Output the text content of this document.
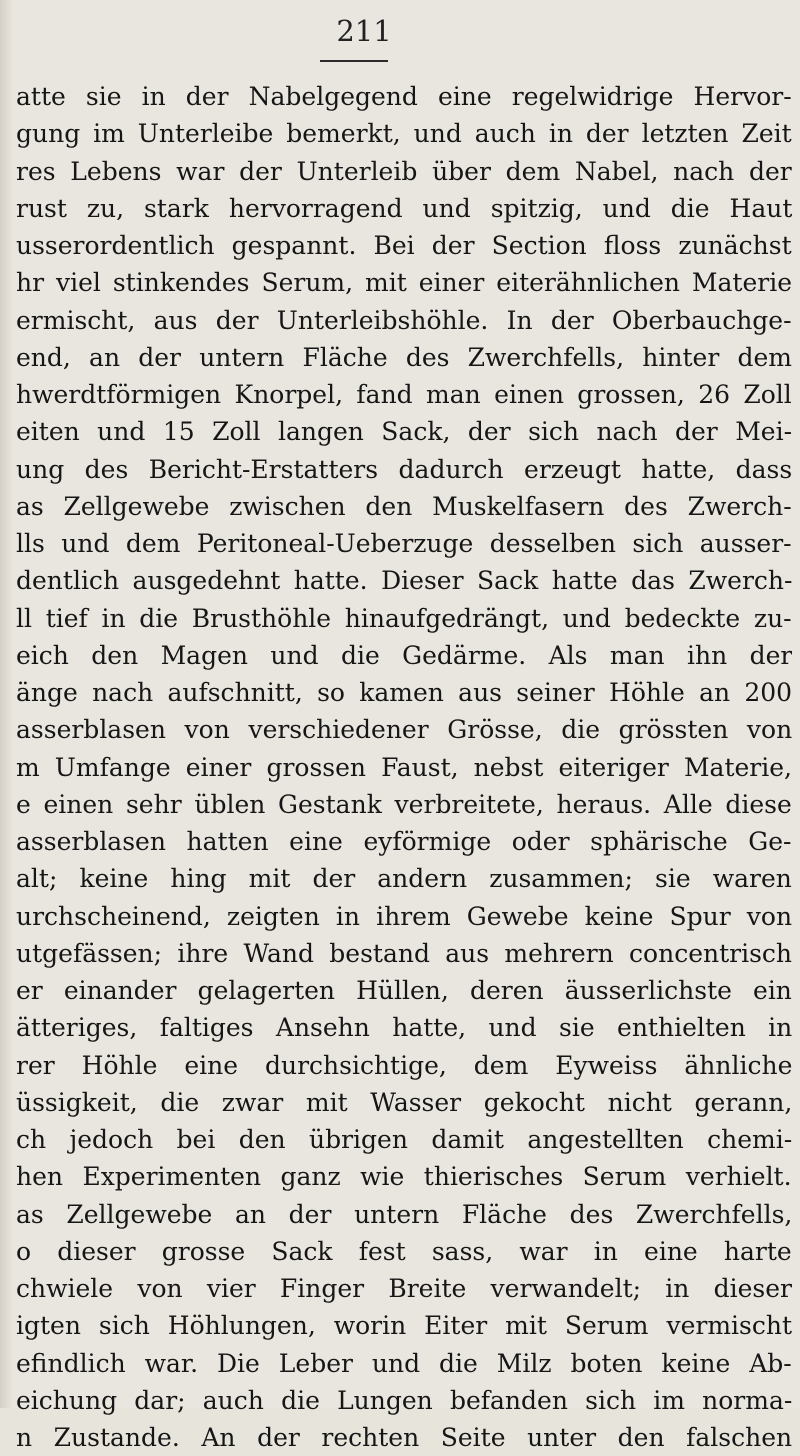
211
atte sie in der Nabelgegend eine regelwidrige Hervor-
gung im Unterleibe bemerkt, und auch in der letzten Zeit
res Lebens war der Unterleib über dem Nabel, nach der
rust zu, stark hervorragend und spitzig, und die Haut
usserordentlich gespannt. Bei der Section floss zunächst
hr viel stinkendes Serum, mit einer eiterähnlichen Materie
ermischt, aus der Unterleibshöhle. In der Oberbauchge-
end, an der untern Fläche des Zwerchfells, hinter dem
hwerdtförmigen Knorpel, fand man einen grossen, 26 Zoll
eiten und 15 Zoll langen Sack, der sich nach der Mei-
ung des Bericht-Erstatters dadurch erzeugt hatte, dass
as Zellgewebe zwischen den Muskelfasern des Zwerch-
lls und dem Peritoneal-Ueberzuge desselben sich ausser-
dentlich ausgedehnt hatte. Dieser Sack hatte das Zwerch-
ll tief in die Brusthöhle hinaufgedrängt, und bedeckte zu-
eich den Magen und die Gedärme. Als man ihn der
änge nach aufschnitt, so kamen aus seiner Höhle an 200
asserblasen von verschiedener Grösse, die grössten von
m Umfange einer grossen Faust, nebst eiteriger Materie,
e einen sehr üblen Gestank verbreitete, heraus. Alle diese
asserblasen hatten eine eyförmige oder sphärische Ge-
alt; keine hing mit der andern zusammen; sie waren
urchscheinend, zeigten in ihrem Gewebe keine Spur von
utgefässen; ihre Wand bestand aus mehrern concentrisch
er einander gelagerten Hüllen, deren äusserlichste ein
ätteriges, faltiges Ansehn hatte, und sie enthielten in
rer Höhle eine durchsichtige, dem Eyweiss ähnliche
üssigkeit, die zwar mit Wasser gekocht nicht gerann,
ch jedoch bei den übrigen damit angestellten chemi-
hen Experimenten ganz wie thierisches Serum verhielt.
as Zellgewebe an der untern Fläche des Zwerchfells,
o dieser grosse Sack fest sass, war in eine harte
chwiele von vier Finger Breite verwandelt; in dieser
igten sich Höhlungen, worin Eiter mit Serum vermischt
efindlich war. Die Leber und die Milz boten keine Ab-
eichung dar; auch die Lungen befanden sich im norma-
n Zustande. An der rechten Seite unter den falschen
